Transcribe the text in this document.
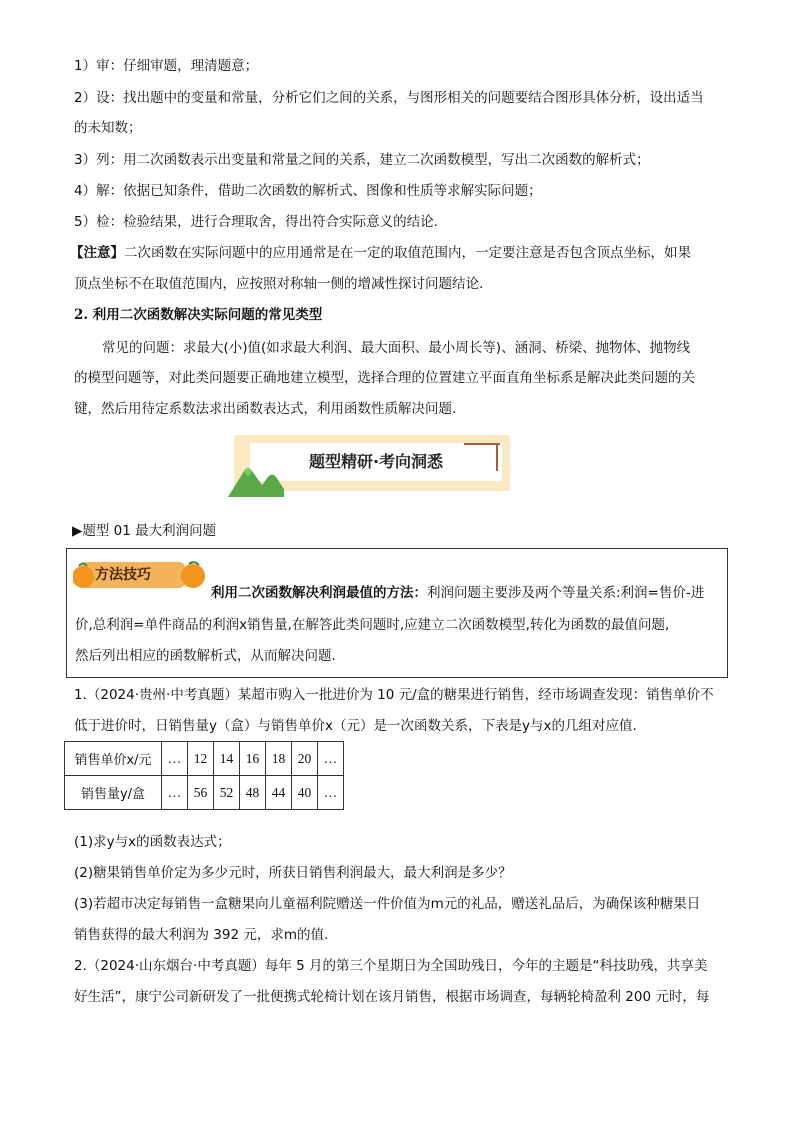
1）审：仔细审题，理清题意；
2）设：找出题中的变量和常量，分析它们之间的关系，与图形相关的问题要结合图形具体分析，设出适当
的未知数；
3）列：用二次函数表示出变量和常量之间的关系，建立二次函数模型，写出二次函数的解析式；
4）解：依据已知条件，借助二次函数的解析式、图像和性质等求解实际问题；
5）检：检验结果，进行合理取舍，得出符合实际意义的结论.
【注意】二次函数在实际问题中的应用通常是在一定的取值范围内，一定要注意是否包含顶点坐标，如果
顶点坐标不在取值范围内，应按照对称轴一侧的增减性探讨问题结论.
2. 利用二次函数解决实际问题的常见类型
常见的问题：求最大(小)值(如求最大利润、最大面积、最小周长等)、涵洞、桥梁、抛物体、抛物线
的模型问题等，对此类问题要正确地建立模型，选择合理的位置建立平面直角坐标系是解决此类问题的关
键，然后用待定系数法求出函数表达式，利用函数性质解决问题.
题型精研·考向洞悉
▶题型 01 最大利润问题
方法技巧
利用二次函数解决利润最值的方法：利润问题主要涉及两个等量关系:利润=售价-进
价,总利润=单件商品的利润x销售量,在解答此类问题时,应建立二次函数模型,转化为函数的最值问题,
然后列出相应的函数解析式，从而解决问题.
1.（2024·贵州·中考真题）某超市购入一批进价为 10 元/盒的糖果进行销售，经市场调查发现：销售单价不
低于进价时，日销售量y（盒）与销售单价x（元）是一次函数关系，下表是y与x的几组对应值.
销售单价x/元	…	12	14	16	18	20	…
销售量y/盒	…	56	52	48	44	40	…
(1)求y与x的函数表达式；
(2)糖果销售单价定为多少元时，所获日销售利润最大，最大利润是多少？
(3)若超市决定每销售一盒糖果向儿童福利院赠送一件价值为m元的礼品，赠送礼品后，为确保该种糖果日
销售获得的最大利润为 392 元，求m的值.
2.（2024·山东烟台·中考真题）每年 5 月的第三个星期日为全国助残日，今年的主题是“科技助残，共享美
好生活”，康宁公司新研发了一批便携式轮椅计划在该月销售，根据市场调查，每辆轮椅盈利 200 元时，每
